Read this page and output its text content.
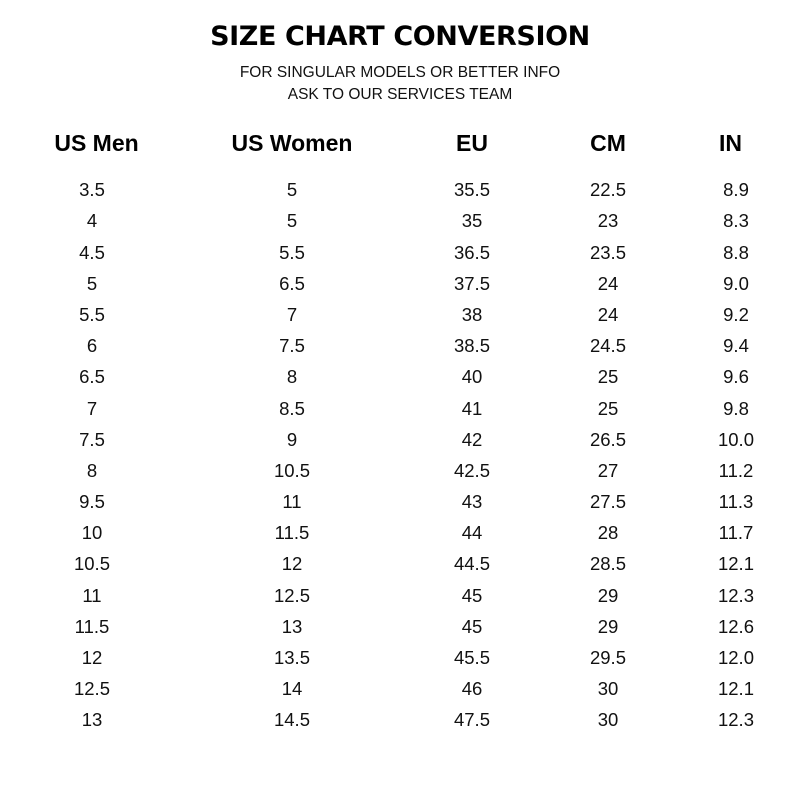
SIZE CHART CONVERSION

FOR SINGULAR MODELS OR BETTER INFO
ASK TO OUR SERVICES TEAM

US Men	US Women	EU	CM	IN
3.5	5	35.5	22.5	8.9
4	5	35	23	8.3
4.5	5.5	36.5	23.5	8.8
5	6.5	37.5	24	9.0
5.5	7	38	24	9.2
6	7.5	38.5	24.5	9.4
6.5	8	40	25	9.6
7	8.5	41	25	9.8
7.5	9	42	26.5	10.0
8	10.5	42.5	27	11.2
9.5	11	43	27.5	11.3
10	11.5	44	28	11.7
10.5	12	44.5	28.5	12.1
11	12.5	45	29	12.3
11.5	13	45	29	12.6
12	13.5	45.5	29.5	12.0
12.5	14	46	30	12.1
13	14.5	47.5	30	12.3
